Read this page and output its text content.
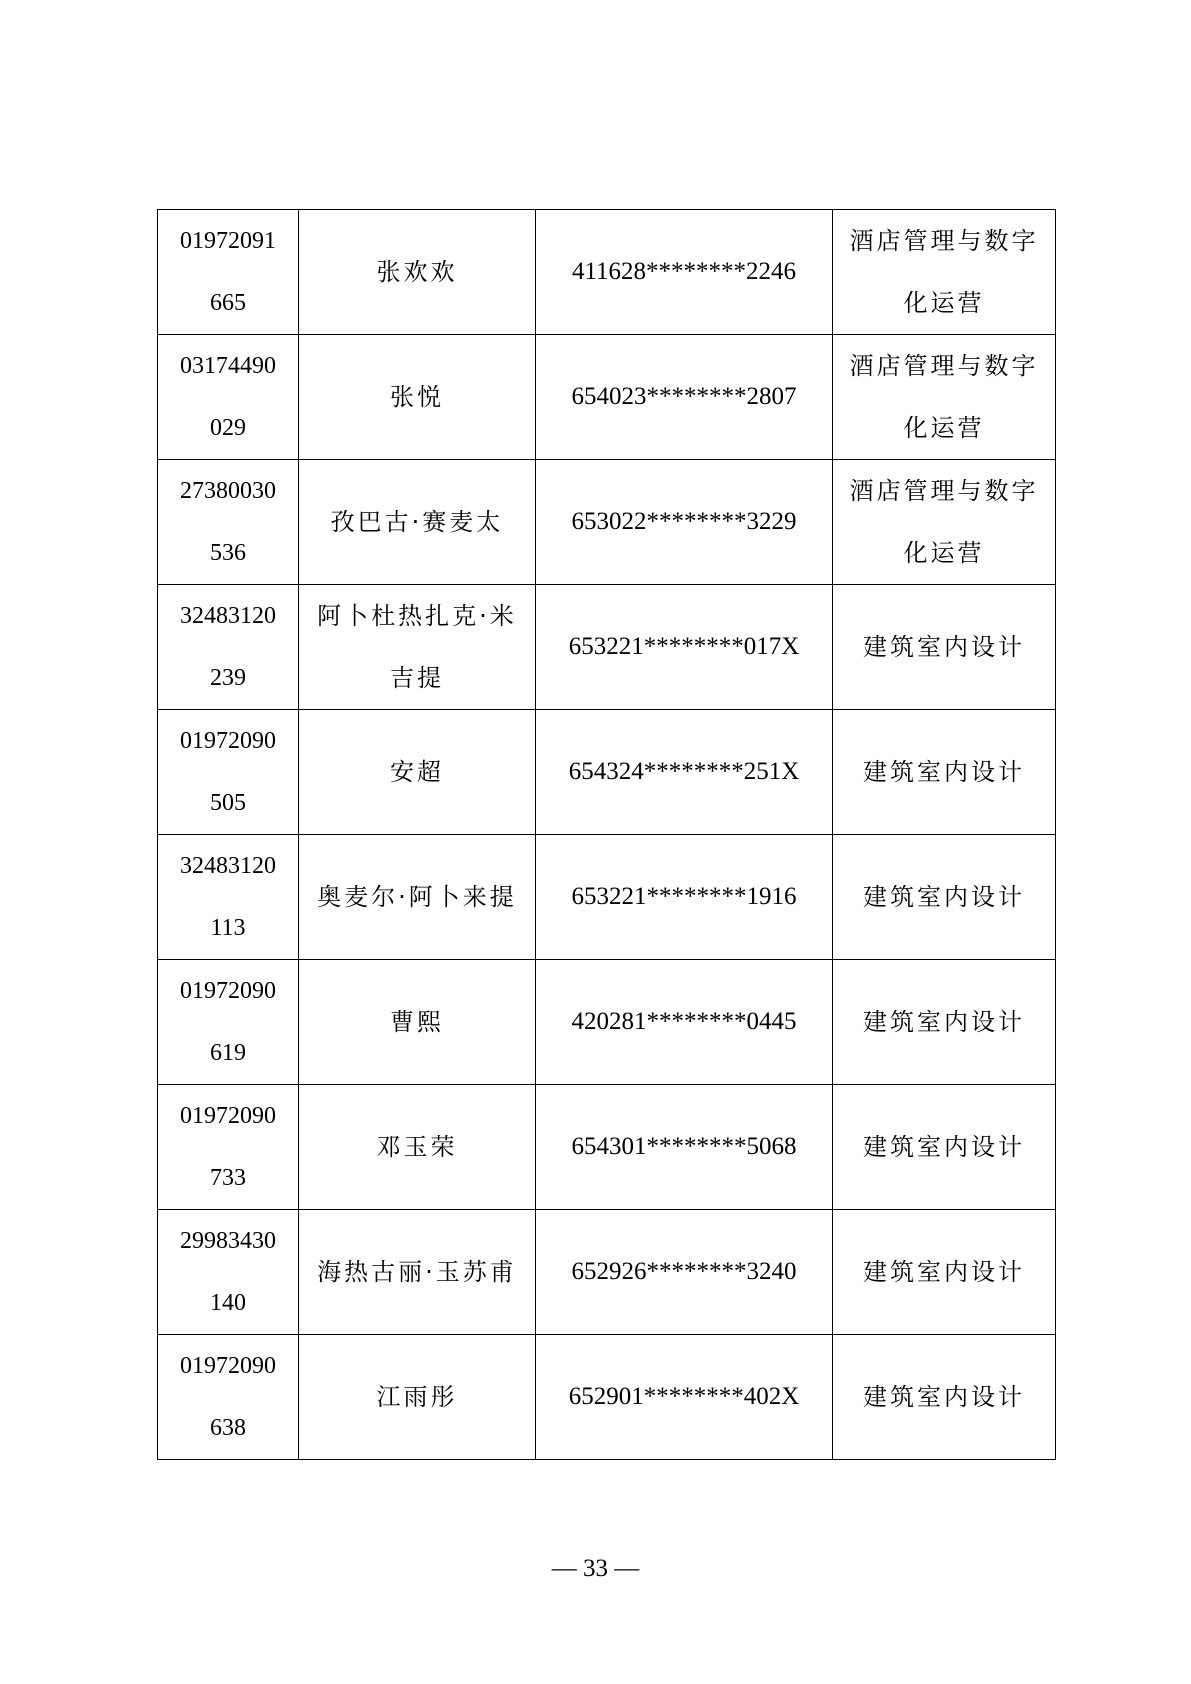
01972091
665	张欢欢	411628********2246	酒店管理与数字化运营

03174490
029	张悦	654023********2807	酒店管理与数字化运营

27380030
536	孜巴古·赛麦太	653022********3229	酒店管理与数字化运营

32483120
239	阿卜杜热扎克·米吉提	653221********017X	建筑室内设计

01972090
505	安超	654324********251X	建筑室内设计

32483120
113	奥麦尔·阿卜来提	653221********1916	建筑室内设计

01972090
619	曹熙	420281********0445	建筑室内设计

01972090
733	邓玉荣	654301********5068	建筑室内设计

29983430
140	海热古丽·玉苏甫	652926********3240	建筑室内设计

01972090
638	江雨彤	652901********402X	建筑室内设计
— 33 —
